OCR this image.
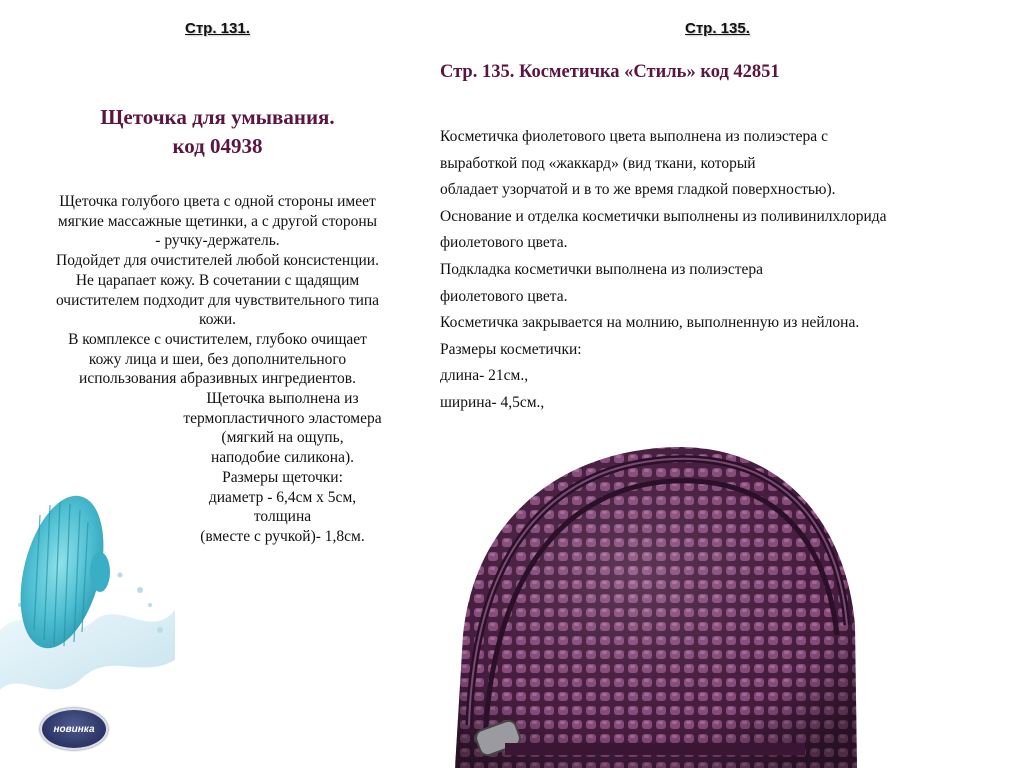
Стр. 131.	Стр. 135.
Щеточка для умывания.
код 04938
Щеточка голубого цвета с одной стороны имеет
мягкие массажные щетинки, а с другой стороны
- ручку-держатель.
Подойдет для очистителей любой консистенции.
Не царапает кожу. В сочетании с щадящим
очистителем подходит для чувствительного типа
кожи.
В комплексе с очистителем, глубоко очищает
кожу лица и шеи, без дополнительного
использования абразивных ингредиентов.
Щеточка выполнена из
термопластичного эластомера
(мягкий на ощупь,
наподобие силикона).
Размеры щеточки:
диаметр - 6,4см х 5см,
толщина
(вместе с ручкой)- 1,8см.
новинка
Стр. 135. Косметичка «Стиль» код 42851
Косметичка фиолетового цвета выполнена из полиэстера с
выработкой под «жаккард» (вид ткани, который
обладает узорчатой и в то же время гладкой поверхностью).
Основание и отделка косметички выполнены из поливинилхлорида
фиолетового цвета.
Подкладка косметички выполнена из полиэстера
фиолетового цвета.
Косметичка закрывается на молнию, выполненную из нейлона.
Размеры косметички:
длина- 21см.,
ширина- 4,5см.,
